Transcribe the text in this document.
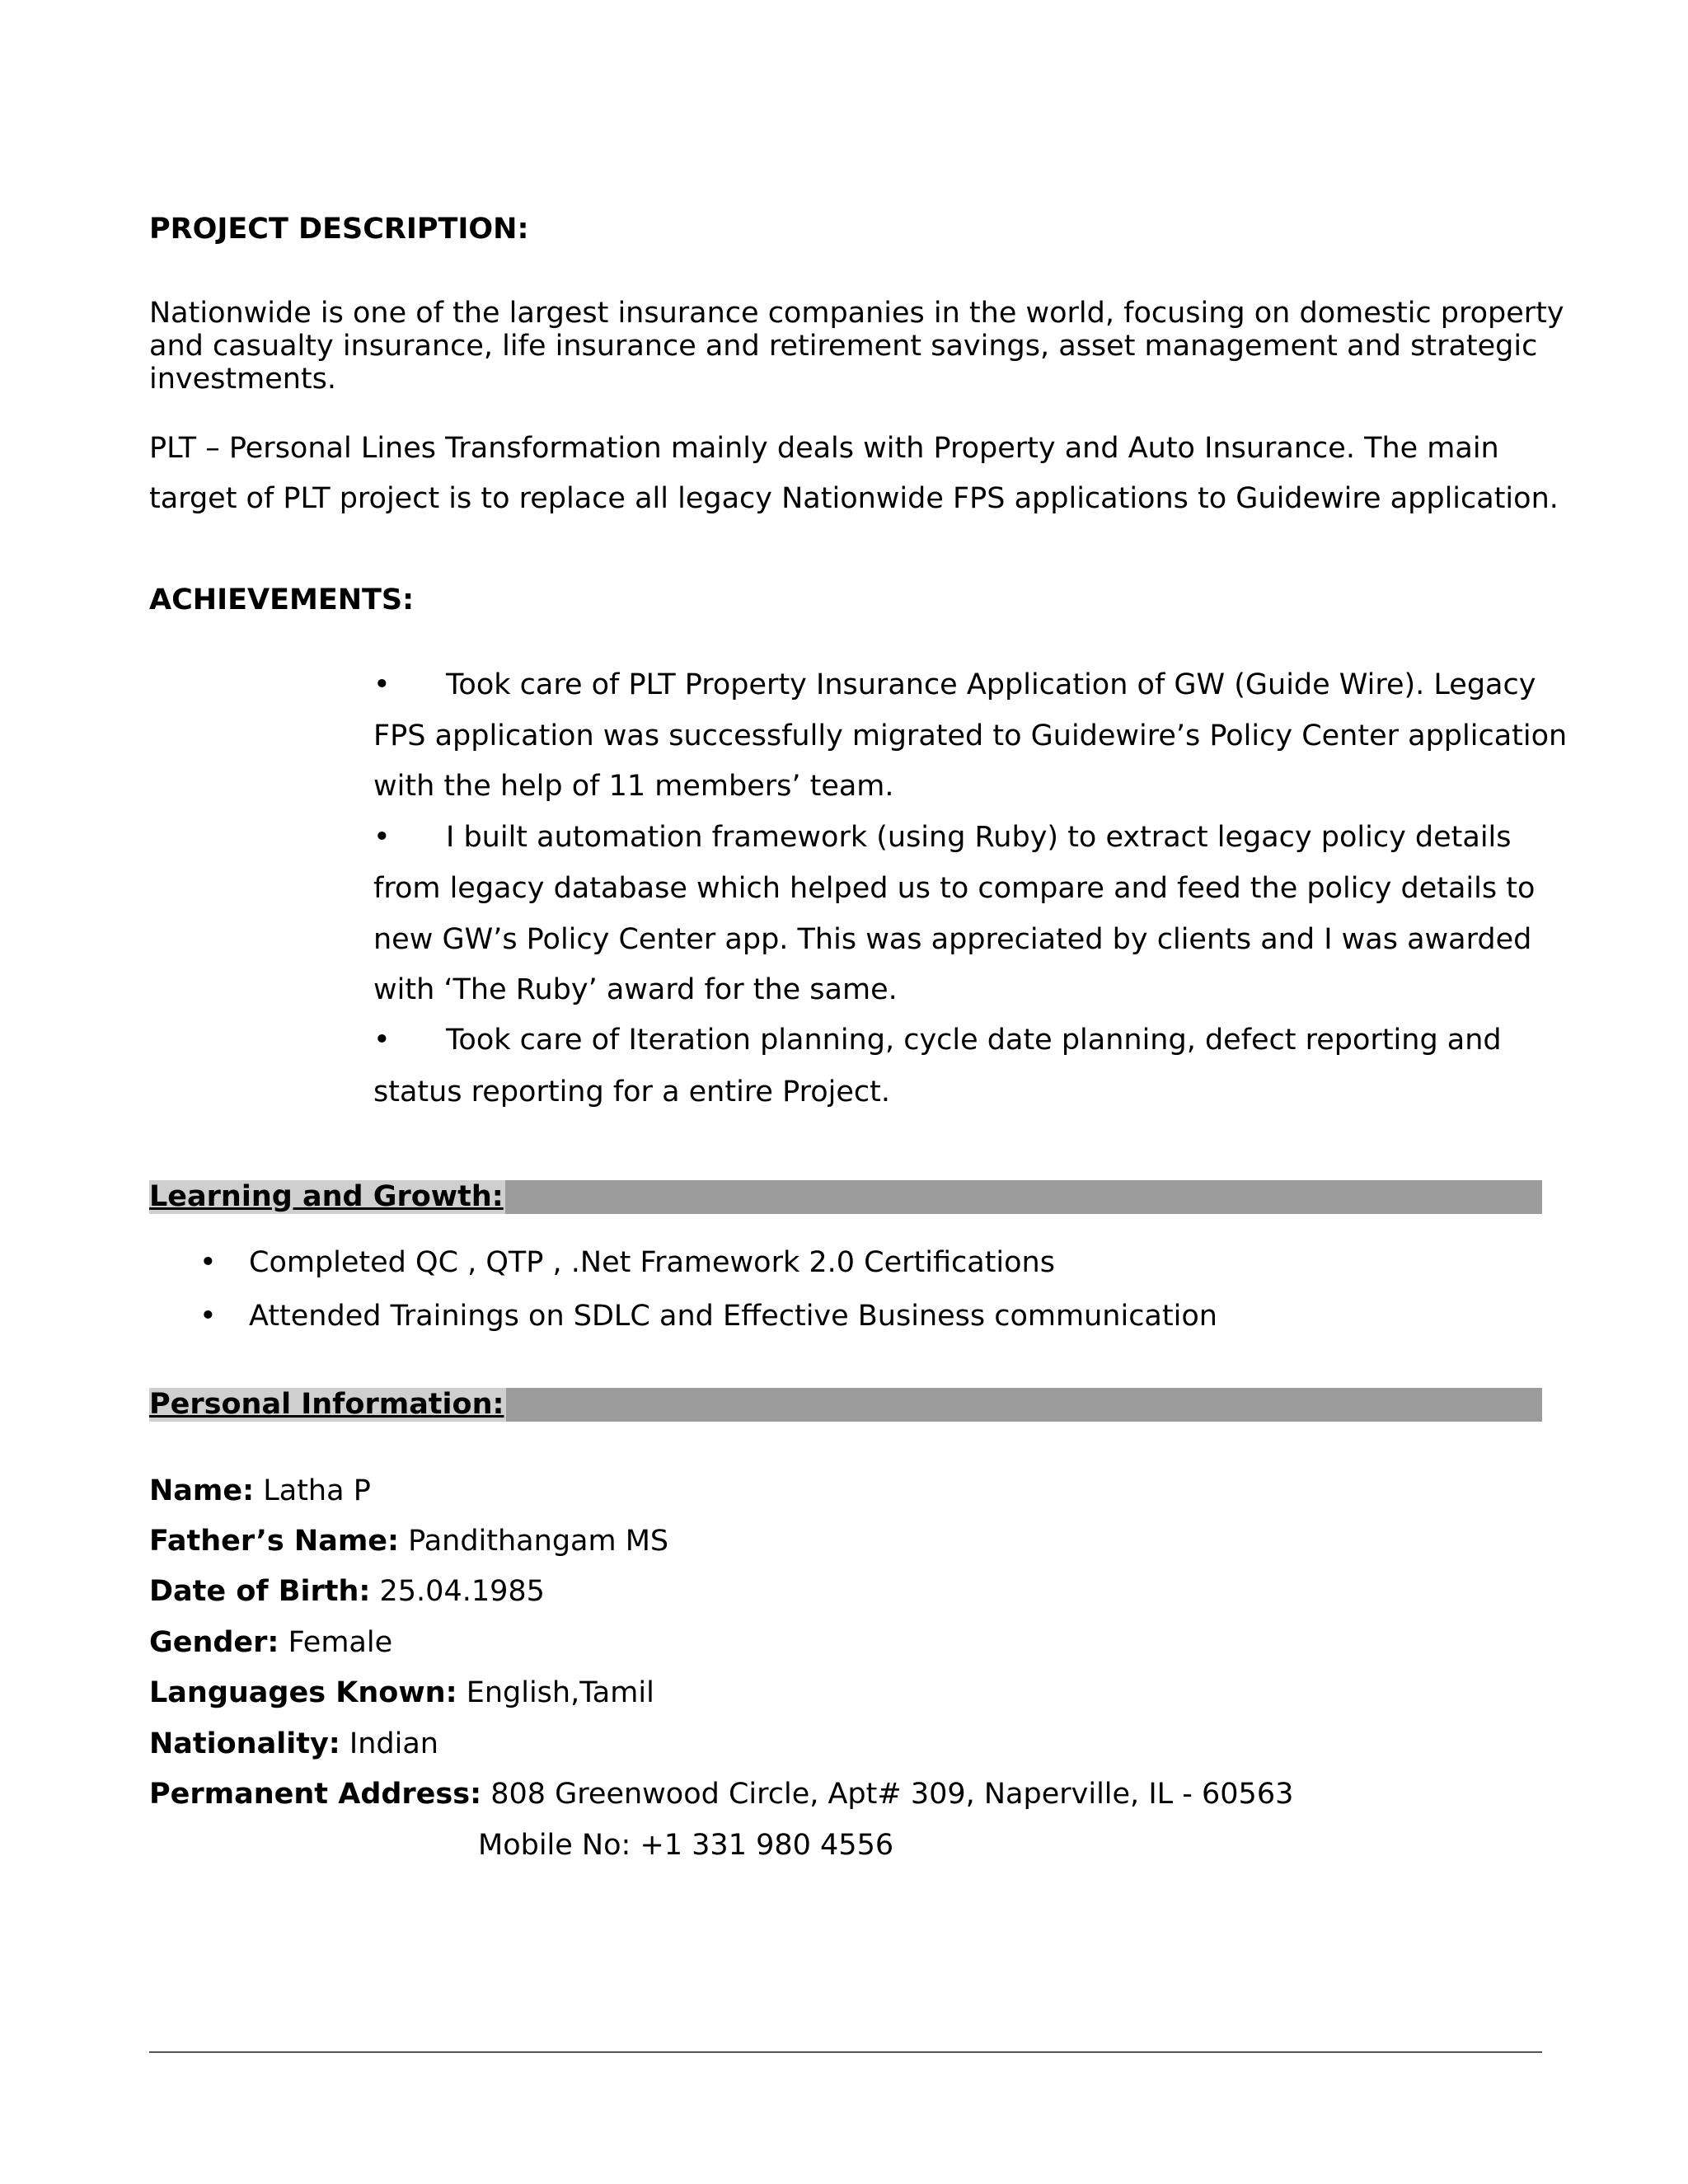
PROJECT DESCRIPTION:
Nationwide is one of the largest insurance companies in the world, focusing on domestic property
and casualty insurance, life insurance and retirement savings, asset management and strategic
investments.
PLT – Personal Lines Transformation mainly deals with Property and Auto Insurance. The main
target of PLT project is to replace all legacy Nationwide FPS applications to Guidewire application.
ACHIEVEMENTS:
• Took care of PLT Property Insurance Application of GW (Guide Wire). Legacy
FPS application was successfully migrated to Guidewire’s Policy Center application
with the help of 11 members’ team.
• I built automation framework (using Ruby) to extract legacy policy details
from legacy database which helped us to compare and feed the policy details to
new GW’s Policy Center app. This was appreciated by clients and I was awarded
with ‘The Ruby’ award for the same.
• Took care of Iteration planning, cycle date planning, defect reporting and
status reporting for a entire Project.
Learning and Growth:
• Completed QC , QTP , .Net Framework 2.0 Certifications
• Attended Trainings on SDLC and Effective Business communication
Personal Information:
Name: Latha P
Father’s Name: Pandithangam MS
Date of Birth: 25.04.1985
Gender: Female
Languages Known: English,Tamil
Nationality: Indian
Permanent Address: 808 Greenwood Circle, Apt# 309, Naperville, IL - 60563
Mobile No: +1 331 980 4556
